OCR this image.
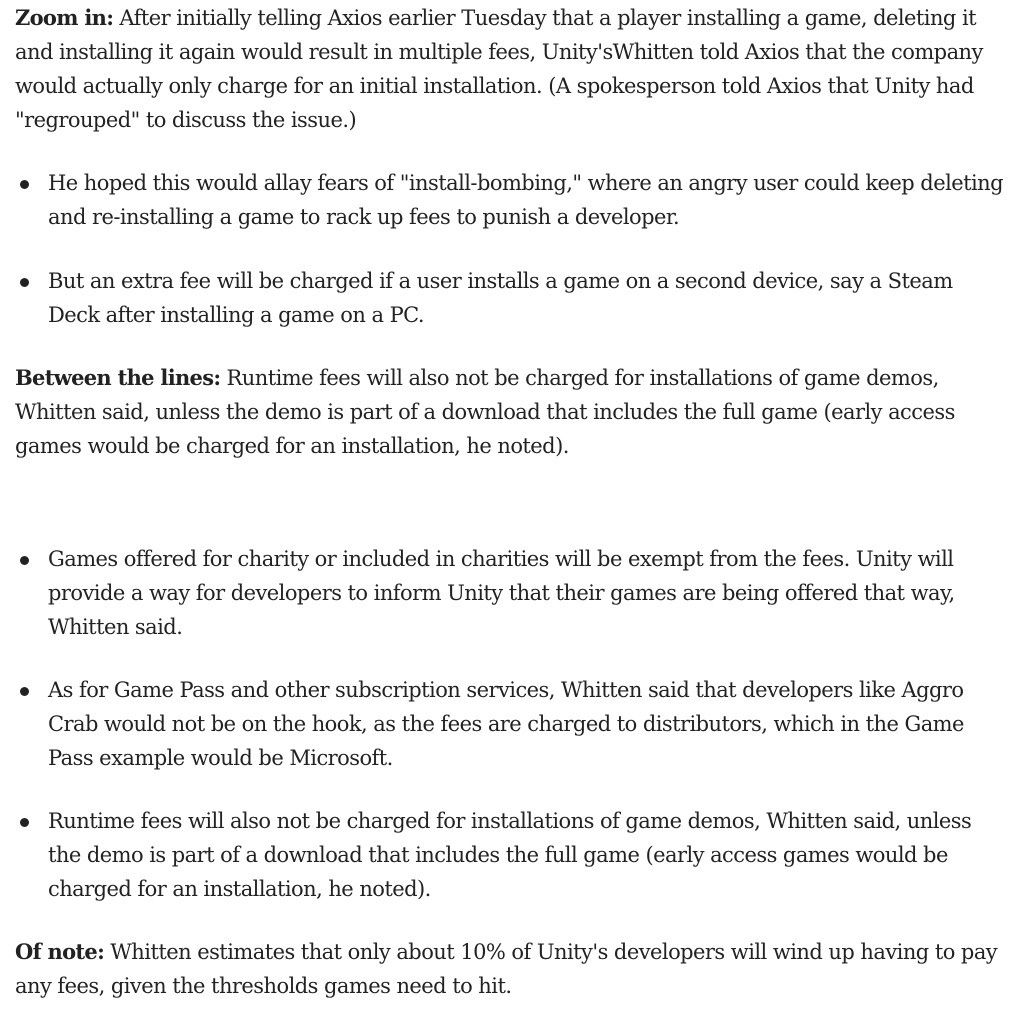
Zoom in: After initially telling Axios earlier Tuesday that a player installing a game, deleting it and installing it again would result in multiple fees, Unity'sWhitten told Axios that the company would actually only charge for an initial installation. (A spokesperson told Axios that Unity had "regrouped" to discuss the issue.)

He hoped this would allay fears of "install-bombing," where an angry user could keep deleting and re-installing a game to rack up fees to punish a developer.
But an extra fee will be charged if a user installs a game on a second device, say a Steam Deck after installing a game on a PC.

Between the lines: Runtime fees will also not be charged for installations of game demos, Whitten said, unless the demo is part of a download that includes the full game (early access games would be charged for an installation, he noted).

Games offered for charity or included in charities will be exempt from the fees. Unity will provide a way for developers to inform Unity that their games are being offered that way, Whitten said.
As for Game Pass and other subscription services, Whitten said that developers like Aggro Crab would not be on the hook, as the fees are charged to distributors, which in the Game Pass example would be Microsoft.
Runtime fees will also not be charged for installations of game demos, Whitten said, unless the demo is part of a download that includes the full game (early access games would be charged for an installation, he noted).

Of note: Whitten estimates that only about 10% of Unity's developers will wind up having to pay any fees, given the thresholds games need to hit.
